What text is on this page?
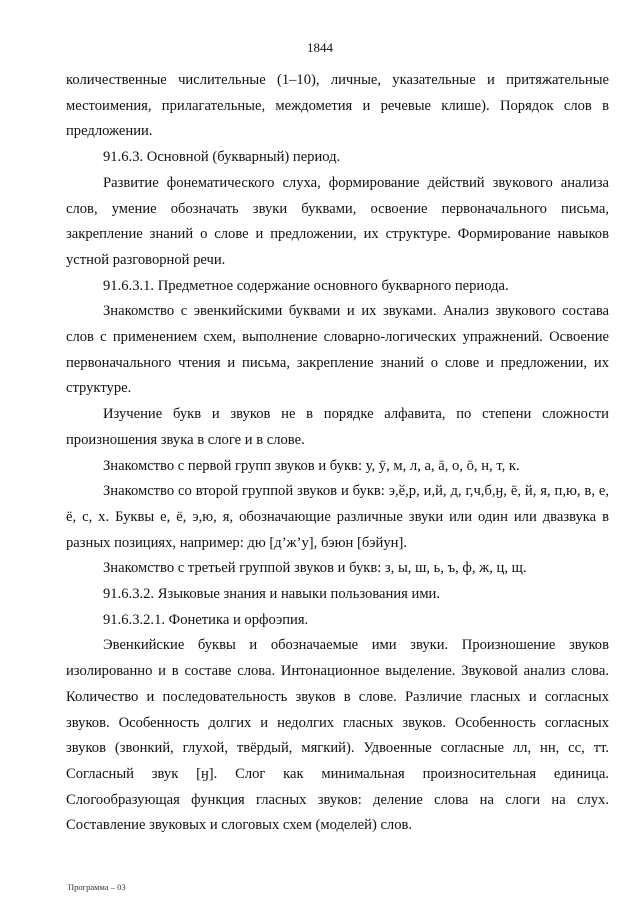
1844

количественные числительные (1–10), личные, указательные и притяжательные местоимения, прилагательные, междометия и речевые клише). Порядок слов в предложении.

91.6.3. Основной (букварный) период.

Развитие фонематического слуха, формирование действий звукового анализа слов, умение обозначать звуки буквами, освоение первоначального письма, закрепление знаний о слове и предложении, их структуре. Формирование навыков устной разговорной речи.

91.6.3.1. Предметное содержание основного букварного периода.

Знакомство с эвенкийскими буквами и их звуками. Анализ звукового состава слов с применением схем, выполнение словарно-логических упражнений. Освоение первоначального чтения и письма, закрепление знаний о слове и предложении, их структуре.

Изучение букв и звуков не в порядке алфавита, по степени сложности произношения звука в слоге и в слове.

Знакомство с первой групп звуков и букв: у, ӯ, м, л, а, ā, о, ō, н, т, к.

Знакомство со второй группой звуков и букв: э,ӗ,р, и,й, д, г,ч,б,ӈ, ē, й, я, п,ю, в, е, ё, с, х. Буквы е, ё, э,ю, я, обозначающие различные звуки или один или двазвука в разных позициях, например: дю [д’ж’у], бэюн [бэйун].

Знакомство с третьей группой звуков и букв: з, ы, ш, ь, ъ, ф, ж, ц, щ.

91.6.3.2. Языковые знания и навыки пользования ими.

91.6.3.2.1. Фонетика и орфоэпия.

Эвенкийские буквы и обозначаемые ими звуки. Произношение звуков изолированно и в составе слова. Интонационное выделение. Звуковой анализ слова. Количество и последовательность звуков в слове. Различие гласных и согласных звуков. Особенность долгих и недолгих гласных звуков. Особенность согласных звуков (звонкий, глухой, твёрдый, мягкий). Удвоенные согласные лл, нн, сс, тт. Согласный звук [ӈ]. Слог как минимальная произносительная единица. Слогообразующая функция гласных звуков: деление слова на слоги на слух. Составление звуковых и слоговых схем (моделей) слов.

Программа – 03
